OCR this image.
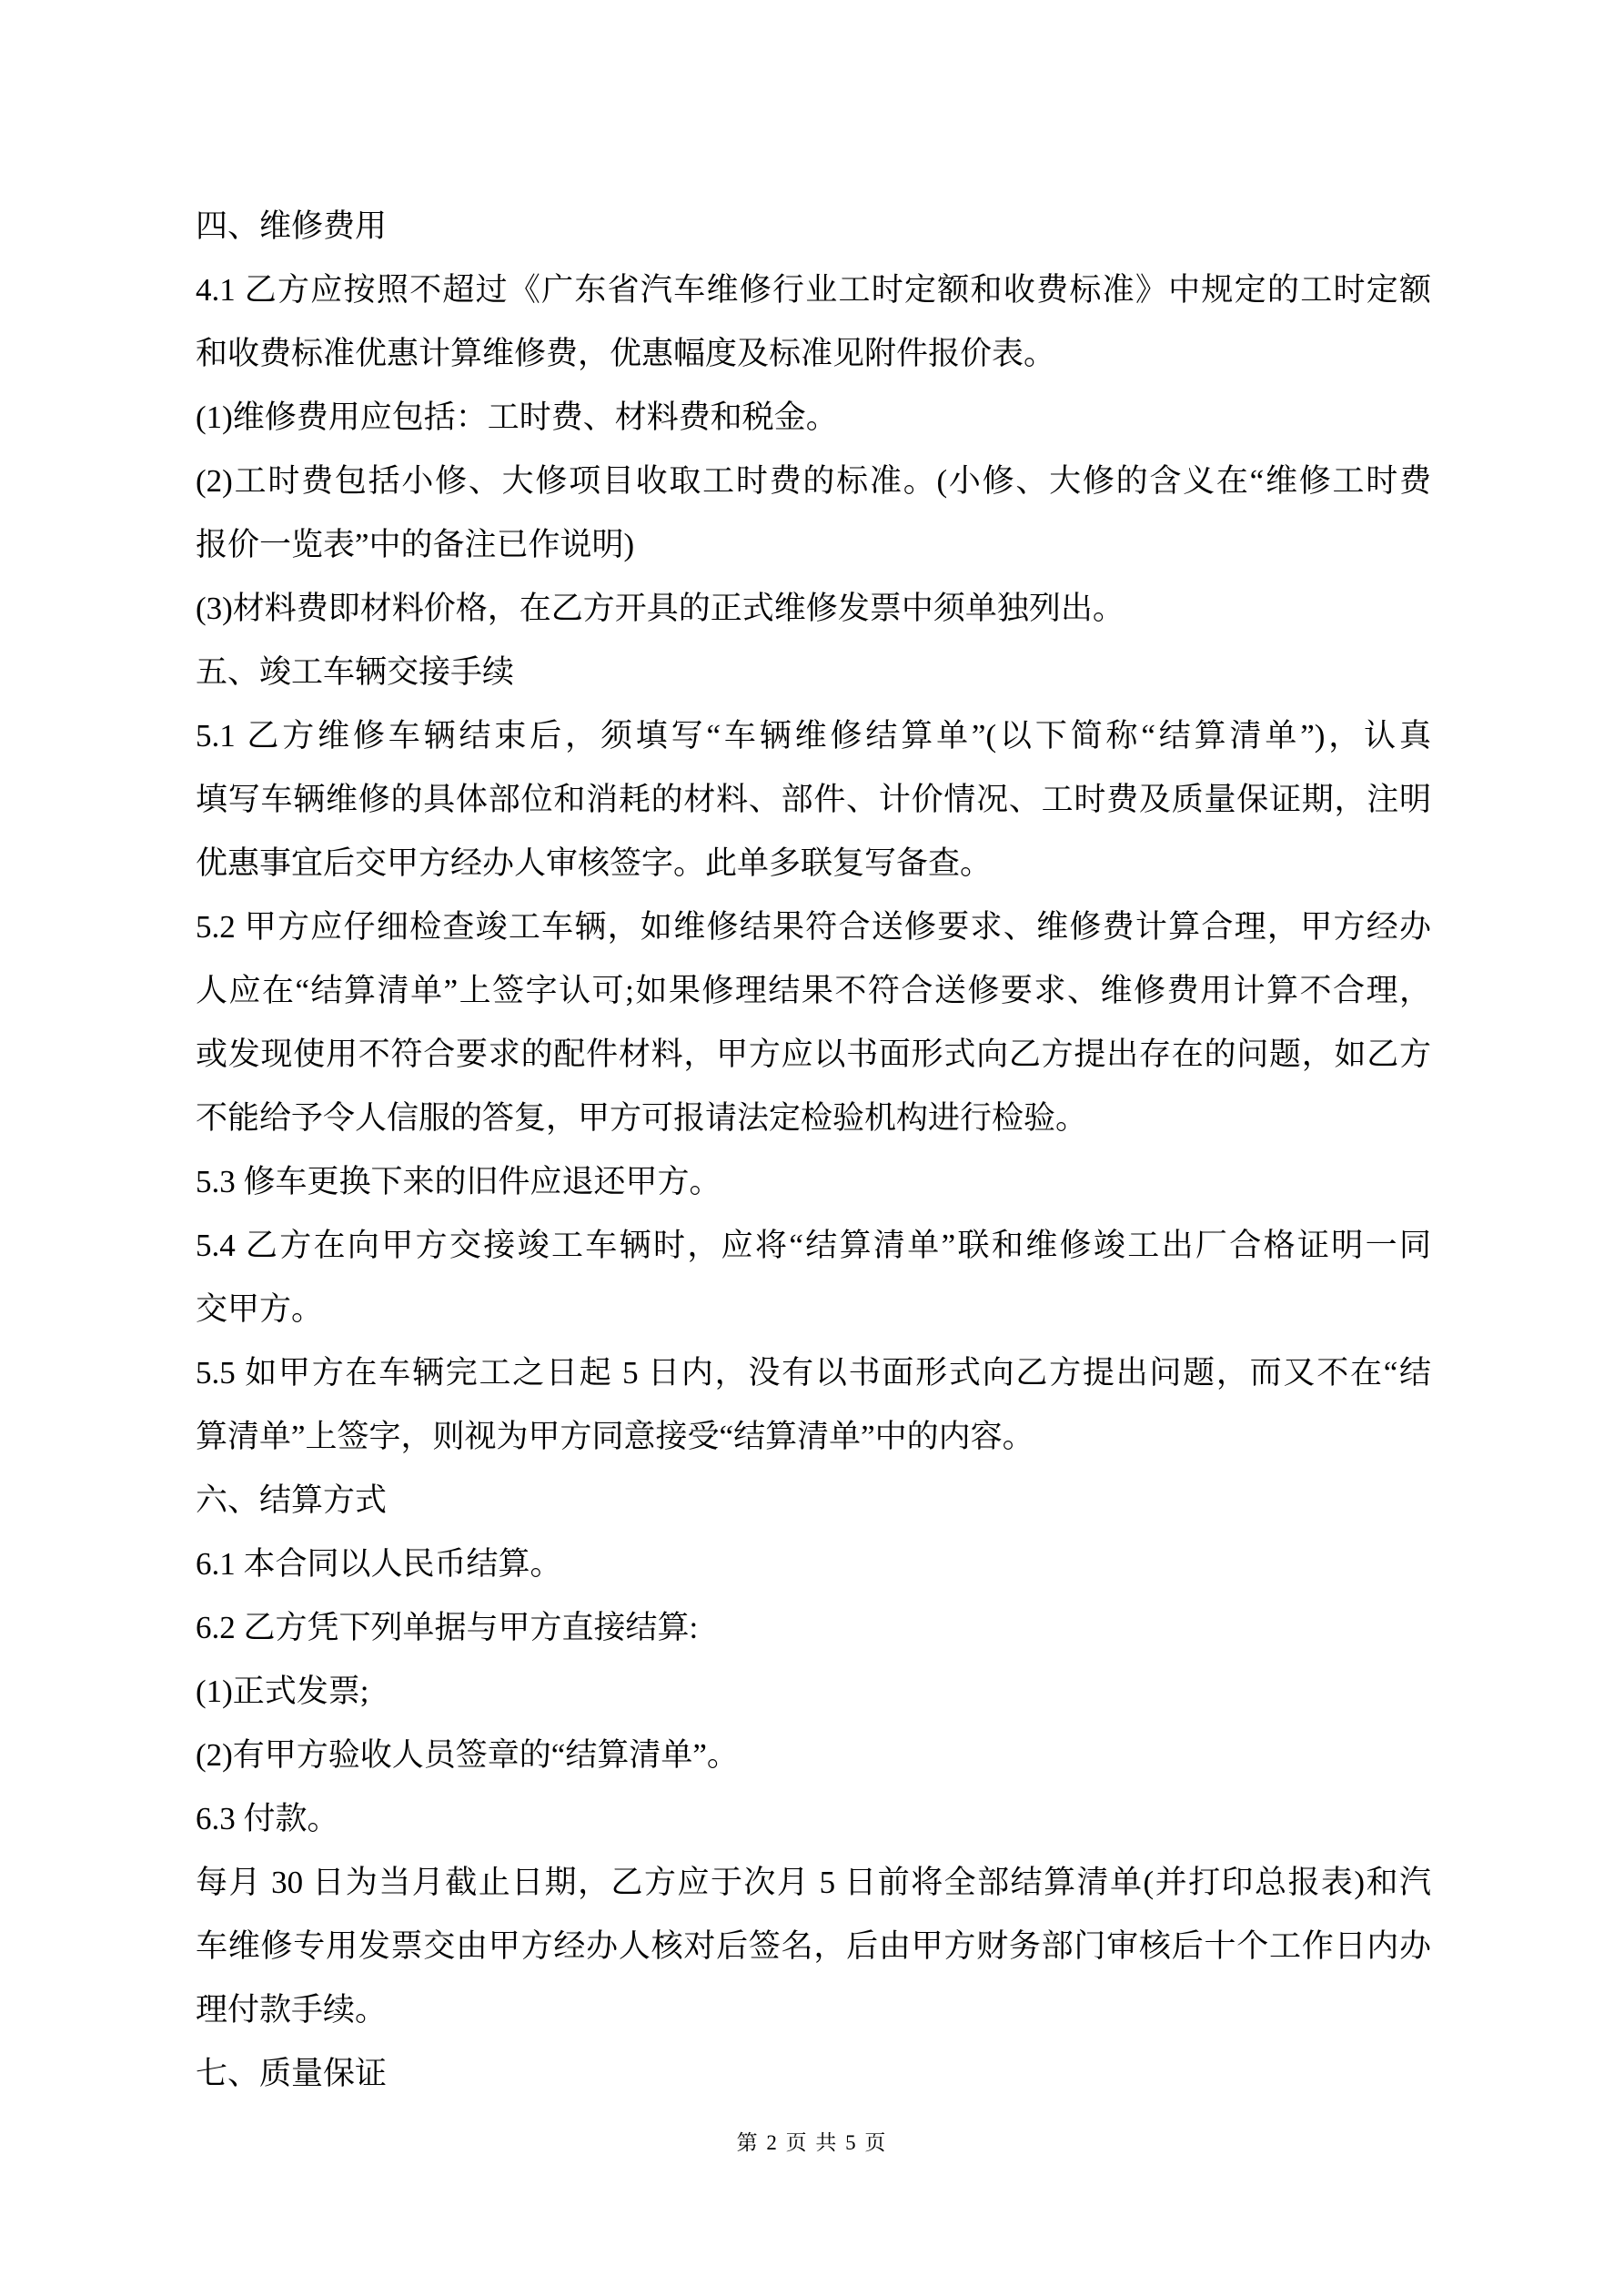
四、维修费用
4.1 乙方应按照不超过《广东省汽车维修行业工时定额和收费标准》中规定的工时定额
和收费标准优惠计算维修费，优惠幅度及标准见附件报价表。
(1)维修费用应包括：工时费、材料费和税金。
(2)工时费包括小修、大修项目收取工时费的标准。(小修、大修的含义在“维修工时费
报价一览表”中的备注已作说明)
(3)材料费即材料价格，在乙方开具的正式维修发票中须单独列出。
五、竣工车辆交接手续
5.1 乙方维修车辆结束后，须填写“车辆维修结算单”(以下简称“结算清单”)，认真
填写车辆维修的具体部位和消耗的材料、部件、计价情况、工时费及质量保证期，注明
优惠事宜后交甲方经办人审核签字。此单多联复写备查。
5.2 甲方应仔细检查竣工车辆，如维修结果符合送修要求、维修费计算合理，甲方经办
人应在“结算清单”上签字认可;如果修理结果不符合送修要求、维修费用计算不合理，
或发现使用不符合要求的配件材料，甲方应以书面形式向乙方提出存在的问题，如乙方
不能给予令人信服的答复，甲方可报请法定检验机构进行检验。
5.3 修车更换下来的旧件应退还甲方。
5.4 乙方在向甲方交接竣工车辆时，应将“结算清单”联和维修竣工出厂合格证明一同
交甲方。
5.5 如甲方在车辆完工之日起 5 日内，没有以书面形式向乙方提出问题，而又不在“结
算清单”上签字，则视为甲方同意接受“结算清单”中的内容。
六、结算方式
6.1 本合同以人民币结算。
6.2 乙方凭下列单据与甲方直接结算:
(1)正式发票;
(2)有甲方验收人员签章的“结算清单”。
6.3 付款。
每月 30 日为当月截止日期，乙方应于次月 5 日前将全部结算清单(并打印总报表)和汽
车维修专用发票交由甲方经办人核对后签名，后由甲方财务部门审核后十个工作日内办
理付款手续。
七、质量保证
第 2 页 共 5 页
